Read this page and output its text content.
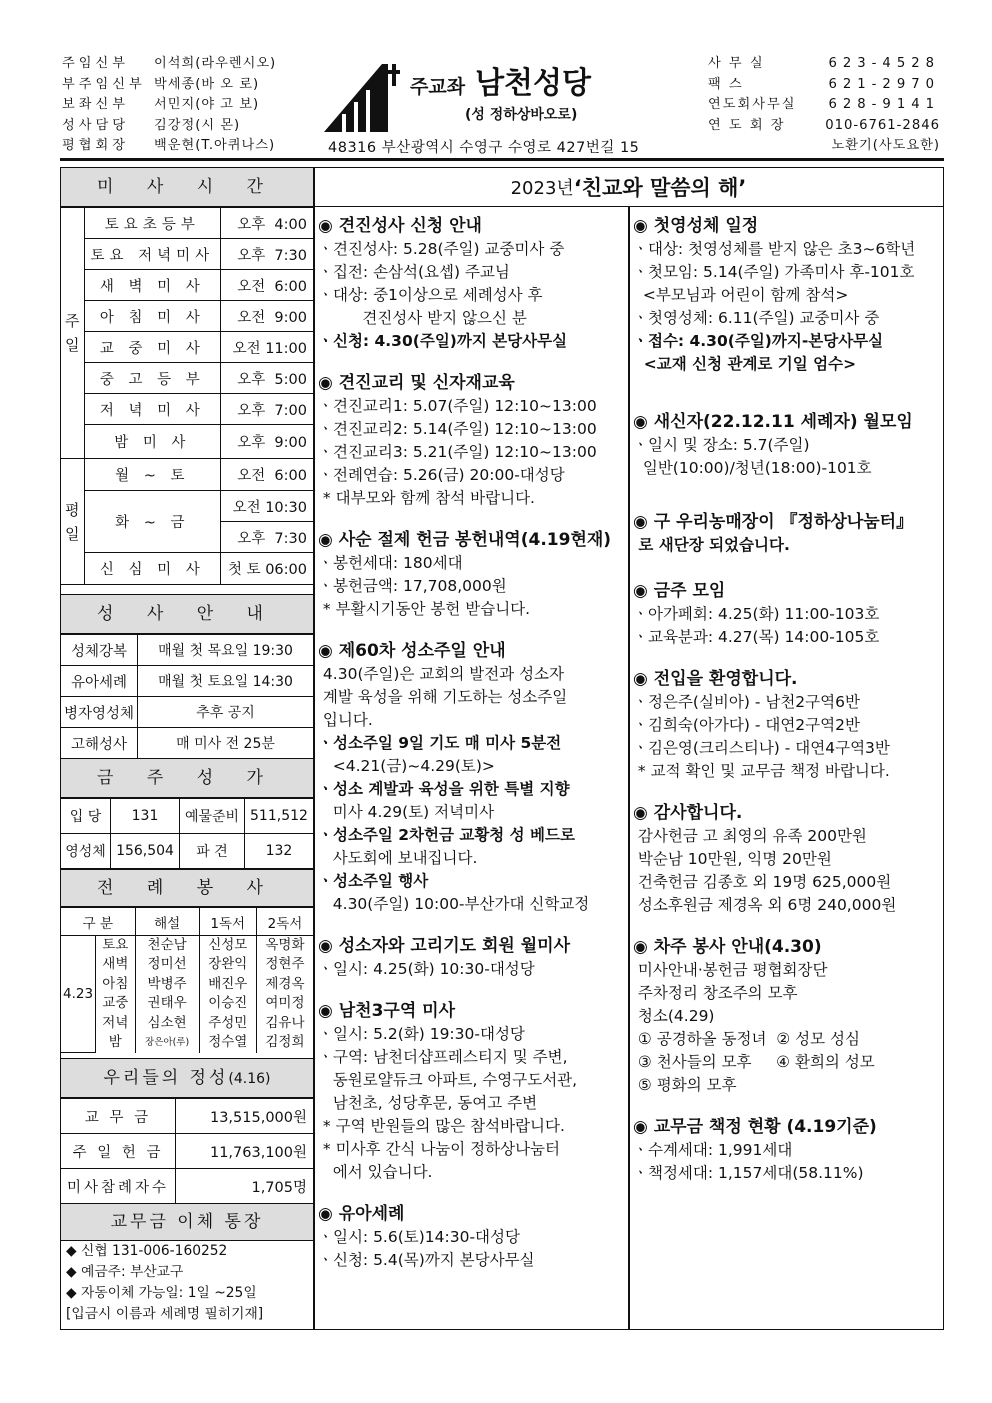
주임신부 이석희(라우렌시오)
부주임신부 박세종(바 오 로)
보좌신부 서민지(야 고 보)
성사담당 김강정(시 몬)
평협회장 백운현(T.아퀴나스)
주교좌 남천성당
(성 정하상바오로)
48316 부산광역시 수영구 수영로 427번길 15
사 무 실	623-4528
팩 스	621-2970
연도회사무실 628-9141
연 도 회 장	010-6761-2846
노환기(사도요한)
2023년 ‘친교와 말씀의 해’
미 사 시 간
주일	토요초등부	오후  4:00
	토요 저녁미사	오후  7:30
	새 벽 미 사	오전  6:00
	아 침 미 사	오전  9:00
	교 중 미 사	오전 11:00
	중 고 등 부	오후  5:00
	저 녁 미 사	오후  7:00
	밤 미 사	오후  9:00
평일	월 ~ 토	오전  6:00
	화 ~ 금	오전 10:30
		오후  7:30
	신 심 미 사	첫 토 06:00
성 사 안 내
성체강복	매월 첫 목요일 19:30
유아세례	매월 첫 토요일 14:30
병자영성체	추후 공지
고해성사	매 미사 전 25분
금 주 성 가
입 당	131	예물준비	511,512
영성체	156,504	파 견	132
전 례 봉 사
구 분		해설	1독서	2독서
4.23	토요	천순남	신성모	옥명화
	새벽	정미선	장완익	정현주
	아침	박병주	배진우	제경옥
	교중	권태우	이승진	여미정
	저녁	심소현	주성민	김유나
	밤	장은아(루)	정수열	김정희
우리들의 정성(4.16)
교 무 금	13,515,000원
주 일 헌 금	11,763,100원
미사참례자수	1,705명
교무금 이체 통장
◆ 신협 131-006-160252
◆ 예금주: 부산교구
◆ 자동이체 가능일: 1일 ~25일
[입금시 이름과 세례명 필히기재]
◉ 견진성사 신청 안내
ㆍ견진성사: 5.28(주일) 교중미사 중
ㆍ집전: 손삼석(요셉) 주교님
ㆍ대상: 중1이상으로 세례성사 후
견진성사 받지 않으신 분
ㆍ신청: 4.30(주일)까지 본당사무실
◉ 견진교리 및 신자재교육
ㆍ견진교리1: 5.07(주일) 12:10~13:00
ㆍ견진교리2: 5.14(주일) 12:10~13:00
ㆍ견진교리3: 5.21(주일) 12:10~13:00
ㆍ전례연습: 5.26(금) 20:00-대성당
* 대부모와 함께 참석 바랍니다.
◉ 사순 절제 헌금 봉헌내역(4.19현재)
ㆍ봉헌세대: 180세대
ㆍ봉헌금액: 17,708,000원
* 부활시기동안 봉헌 받습니다.
◉ 제60차 성소주일 안내
4.30(주일)은 교회의 발전과 성소자
계발 육성을 위해 기도하는 성소주일
입니다.
ㆍ성소주일 9일 기도 매 미사 5분전
<4.21(금)~4.29(토)>
ㆍ성소 계발과 육성을 위한 특별 지향
미사 4.29(토) 저녁미사
ㆍ성소주일 2차헌금 교황청 성 베드로
사도회에 보내집니다.
ㆍ성소주일 행사
4.30(주일) 10:00-부산가대 신학교정
◉ 성소자와 고리기도 회원 월미사
ㆍ일시: 4.25(화) 10:30-대성당
◉ 남천3구역 미사
ㆍ일시: 5.2(화) 19:30-대성당
ㆍ구역: 남천더샵프레스티지 및 주변,
동원로얄듀크 아파트, 수영구도서관,
남천초, 성당후문, 동여고 주변
* 구역 반원들의 많은 참석바랍니다.
* 미사후 간식 나눔이 정하상나눔터
에서 있습니다.
◉ 유아세례
ㆍ일시: 5.6(토)14:30-대성당
ㆍ신청: 5.4(목)까지 본당사무실
◉ 첫영성체 일정
ㆍ대상: 첫영성체를 받지 않은 초3~6학년
ㆍ첫모임: 5.14(주일) 가족미사 후-101호
<부모님과 어린이 함께 참석>
ㆍ첫영성체: 6.11(주일) 교중미사 중
ㆍ접수: 4.30(주일)까지-본당사무실
<교재 신청 관계로 기일 엄수>
◉ 새신자(22.12.11 세례자) 월모임
ㆍ일시 및 장소: 5.7(주일)
일반(10:00)/청년(18:00)-101호
◉ 구 우리농매장이 『정하상나눔터』
로 새단장 되었습니다.
◉ 금주 모임
ㆍ아가페회: 4.25(화) 11:00-103호
ㆍ교육분과: 4.27(목) 14:00-105호
◉ 전입을 환영합니다.
ㆍ정은주(실비아) - 남천2구역6반
ㆍ김희숙(아가다) - 대연2구역2반
ㆍ김은영(크리스티나) - 대연4구역3반
* 교적 확인 및 교무금 책정 바랍니다.
◉ 감사합니다.
감사헌금 고 최영의 유족 200만원
박순남 10만원, 익명 20만원
건축헌금 김종호 외 19명 625,000원
성소후원금 제경옥 외 6명 240,000원
◉ 차주 봉사 안내(4.30)
미사안내·봉헌금 평협회장단
주차정리 창조주의 모후
청소(4.29)
① 공경하올 동정녀  ② 성모 성심
③ 천사들의 모후     ④ 환희의 성모
⑤ 평화의 모후
◉ 교무금 책정 현황 (4.19기준)
ㆍ수계세대: 1,991세대
ㆍ책정세대: 1,157세대(58.11%)
